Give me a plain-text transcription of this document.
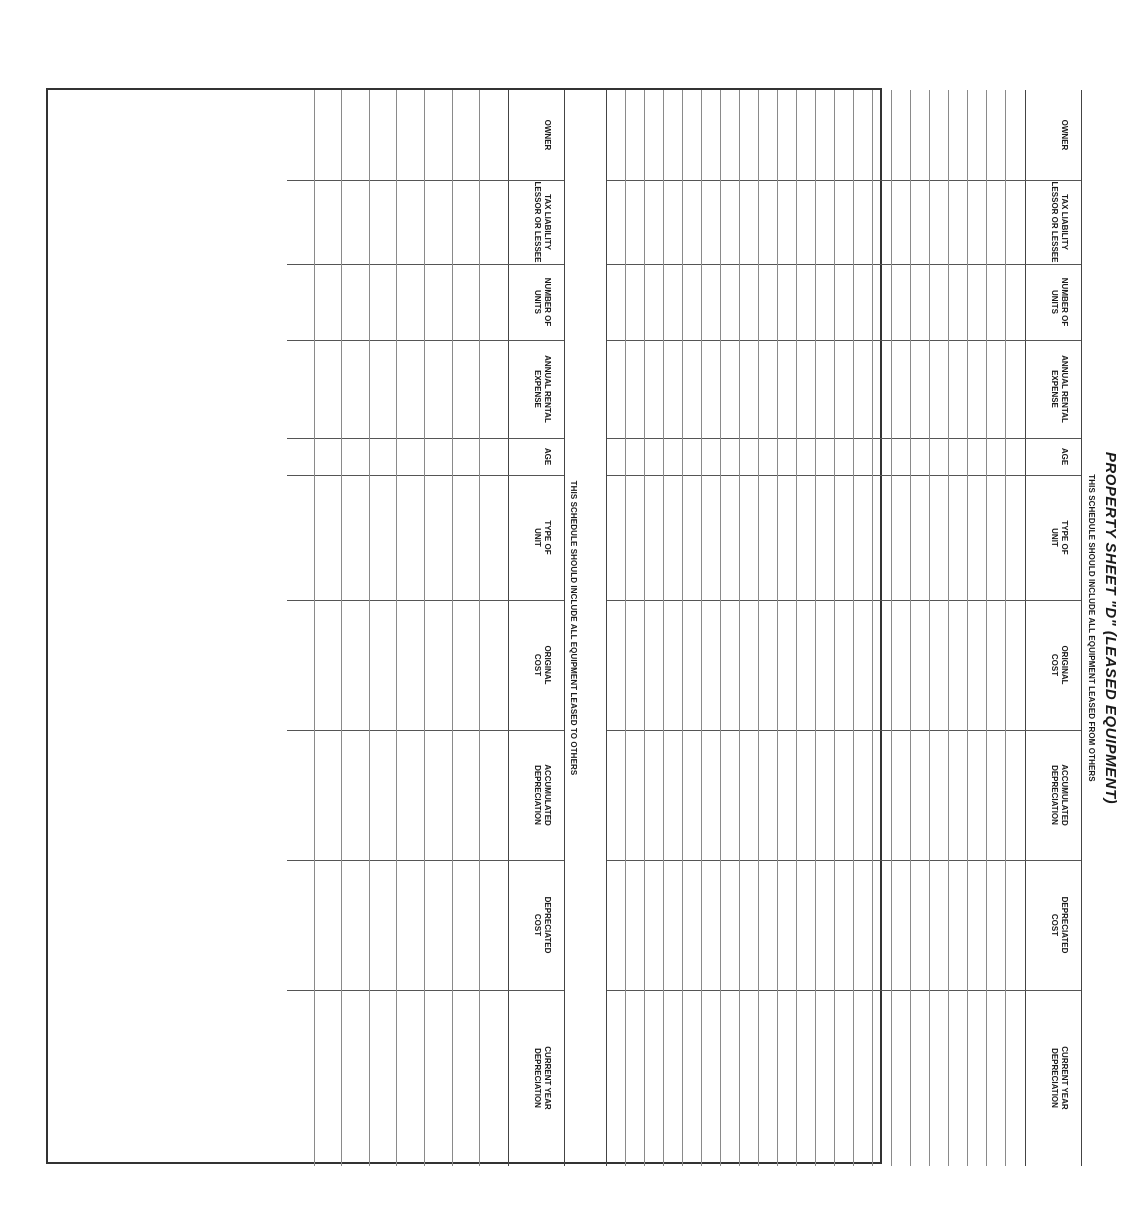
PROPERTY SHEET "D" (LEASED EQUIPMENT)
THIS SCHEDULE SHOULD INCLUDE ALL EQUIPMENT LEASED FROM OTHERS
OWNER
TAX LIABILITY
LESSOR OR LESSEE
NUMBER OF
UNITS
ANNUAL RENTAL
EXPENSE
AGE
TYPE OF
UNIT
ORIGINAL
COST
ACCUMULATED
DEPRECIATION
DEPRECIATED
COST
CURRENT YEAR
DEPRECIATION
THIS SCHEDULE SHOULD INCLUDE ALL EQUIPMENT LEASED TO OTHERS
OWNER
TAX LIABILITY
LESSOR OR LESSEE
NUMBER OF
UNITS
ANNUAL RENTAL
EXPENSE
AGE
TYPE OF
UNIT
ORIGINAL
COST
ACCUMULATED
DEPRECIATION
DEPRECIATED
COST
CURRENT YEAR
DEPRECIATION
